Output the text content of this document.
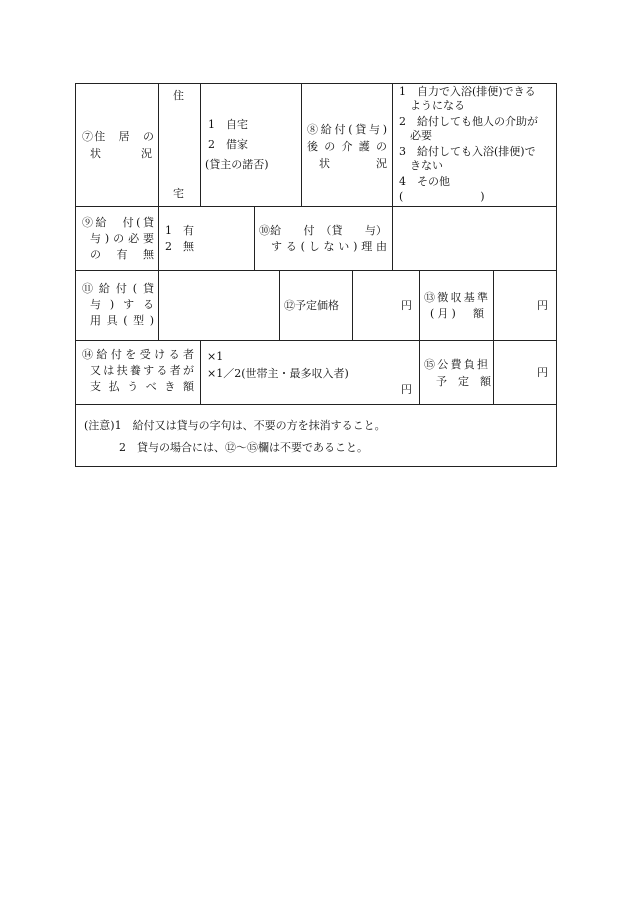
⑦住　居　の
状　　　況
住
宅
1　自宅
2　借家
(貸主の諾否)
⑧給付(貸与)
後の介護の
状　　　況
1　自力で入浴(排便)できる
　ようになる
2　給付しても他人の介助が
　必要
3　給付しても入浴(排便)で
　きない
4　その他
(　　　　　　　)
⑨給　付(貸
与)の必要
の　有　無
1　有
2　無
⑩給　　付　（貸　　与）
する(しない)理由
⑪給付(貸
与)する
用具(型)
⑫予定価格	円
⑬徴収基準
(月)　額
円
⑭給付を受ける者
又は扶養する者が
支払うべき額
×1
×1／2(世帯主・最多収入者)
円
⑮公費負担
予　定　額
円
(注意)1　給付又は貸与の字句は、不要の方を抹消すること。
2　貸与の場合には、⑫～⑮欄は不要であること。
